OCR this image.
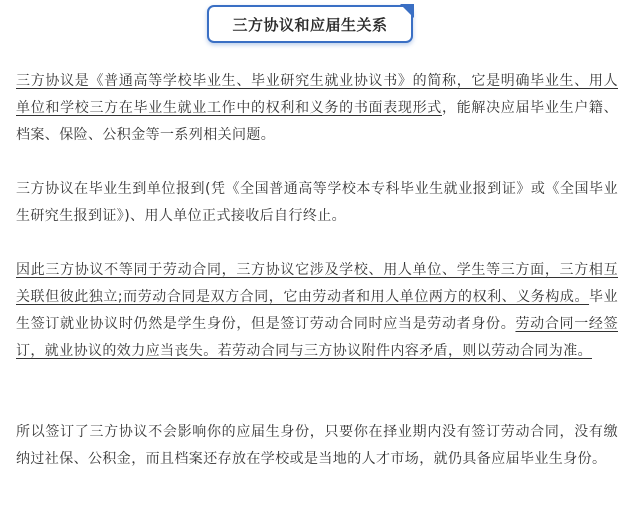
三方协议和应届生关系

三方协议是《普通高等学校毕业生、毕业研究生就业协议书》的简称，它是明确毕业生、用人单位和学校三方在毕业生就业工作中的权利和义务的书面表现形式，能解决应届毕业生户籍、档案、保险、公积金等一系列相关问题。

三方协议在毕业生到单位报到(凭《全国普通高等学校本专科毕业生就业报到证》或《全国毕业生研究生报到证》)、用人单位正式接收后自行终止。

因此三方协议不等同于劳动合同，三方协议它涉及学校、用人单位、学生等三方面，三方相互关联但彼此独立;而劳动合同是双方合同，它由劳动者和用人单位两方的权利、义务构成。毕业生签订就业协议时仍然是学生身份，但是签订劳动合同时应当是劳动者身份。劳动合同一经签订，就业协议的效力应当丧失。若劳动合同与三方协议附件内容矛盾，则以劳动合同为准。

所以签订了三方协议不会影响你的应届生身份，只要你在择业期内没有签订劳动合同，没有缴纳过社保、公积金，而且档案还存放在学校或是当地的人才市场，就仍具备应届毕业生身份。
